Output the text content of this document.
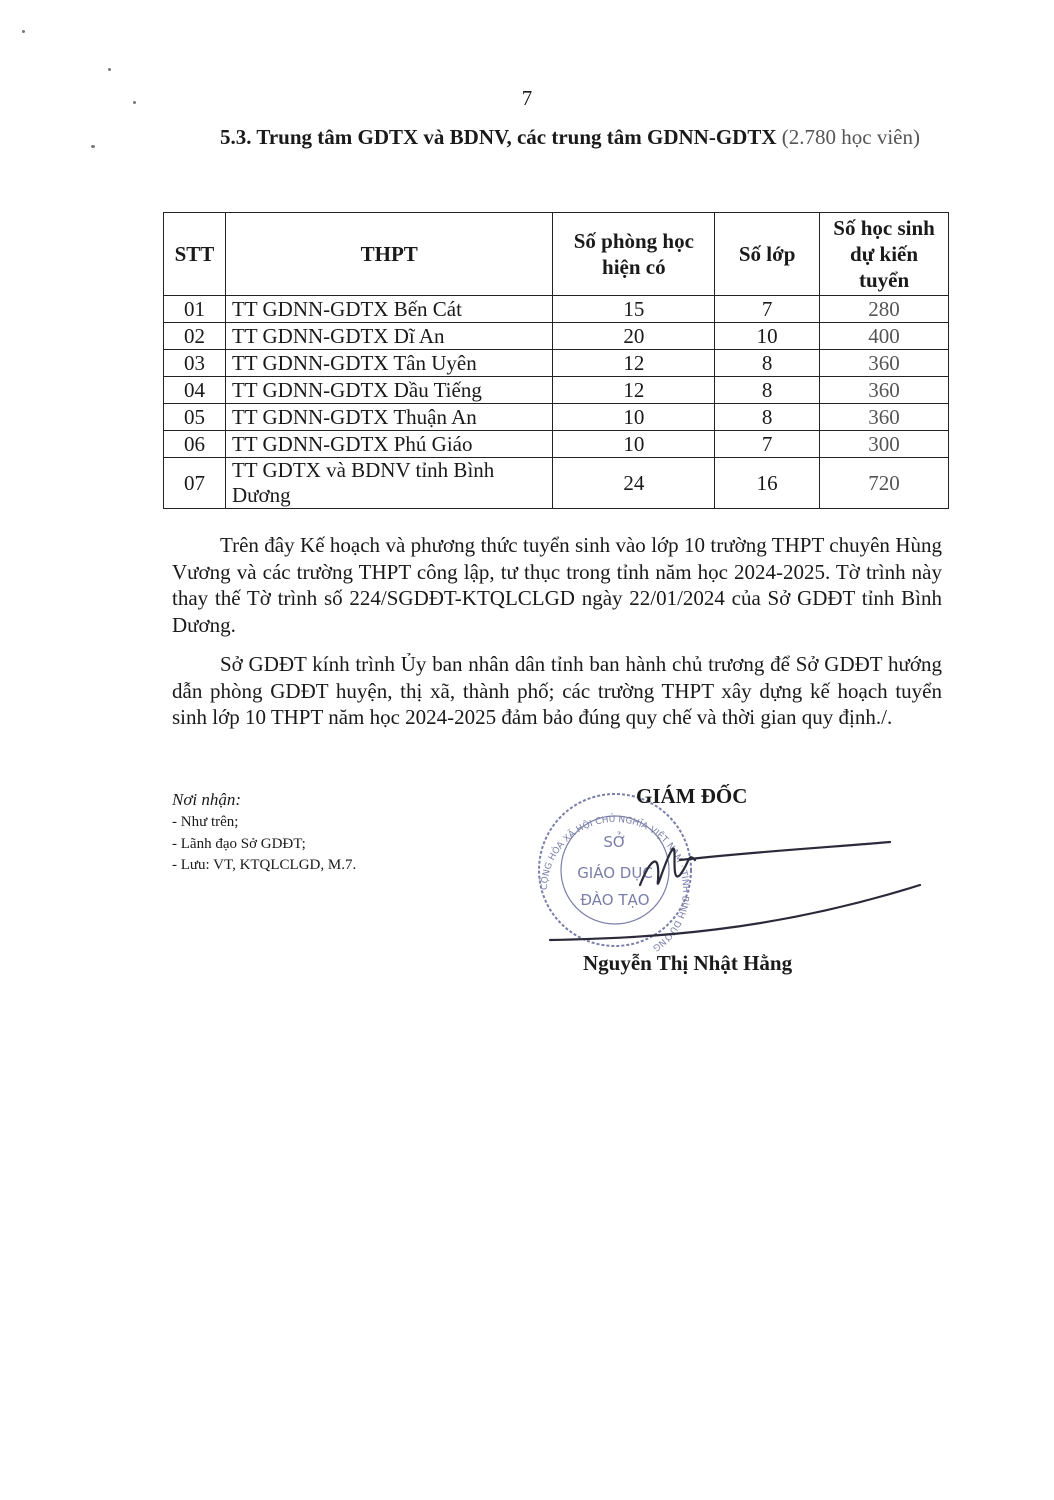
7
5.3. Trung tâm GDTX và BDNV, các trung tâm GDNN-GDTX (2.780 học viên)
STT	THPT	Số phòng học hiện có	Số lớp	Số học sinh dự kiến tuyển
01	TT GDNN-GDTX Bến Cát	15	7	280
02	TT GDNN-GDTX Dĩ An	20	10	400
03	TT GDNN-GDTX Tân Uyên	12	8	360
04	TT GDNN-GDTX Dầu Tiếng	12	8	360
05	TT GDNN-GDTX Thuận An	10	8	360
06	TT GDNN-GDTX Phú Giáo	10	7	300
07	TT GDTX và BDNV tỉnh Bình Dương	24	16	720
Trên đây Kế hoạch và phương thức tuyển sinh vào lớp 10 trường THPT chuyên Hùng Vương và các trường THPT công lập, tư thục trong tỉnh năm học 2024-2025. Tờ trình này thay thế Tờ trình số 224/SGDĐT-KTQLCLGD ngày 22/01/2024 của Sở GDĐT tỉnh Bình Dương.
Sở GDĐT kính trình Ủy ban nhân dân tỉnh ban hành chủ trương để Sở GDĐT hướng dẫn phòng GDĐT huyện, thị xã, thành phố; các trường THPT xây dựng kế hoạch tuyển sinh lớp 10 THPT năm học 2024-2025 đảm bảo đúng quy chế và thời gian quy định./.
Nơi nhận:
- Như trên;
- Lãnh đạo Sở GDĐT;
- Lưu: VT, KTQLCLGD, M.7.
CỘNG HÒA XÃ HỘI CHỦ NGHĨA VIỆT NAM · TỈNH BÌNH DƯƠNG
SỞ
GIÁO DỤC
ĐÀO TẠO
GIÁM ĐỐC
Nguyễn Thị Nhật Hằng
